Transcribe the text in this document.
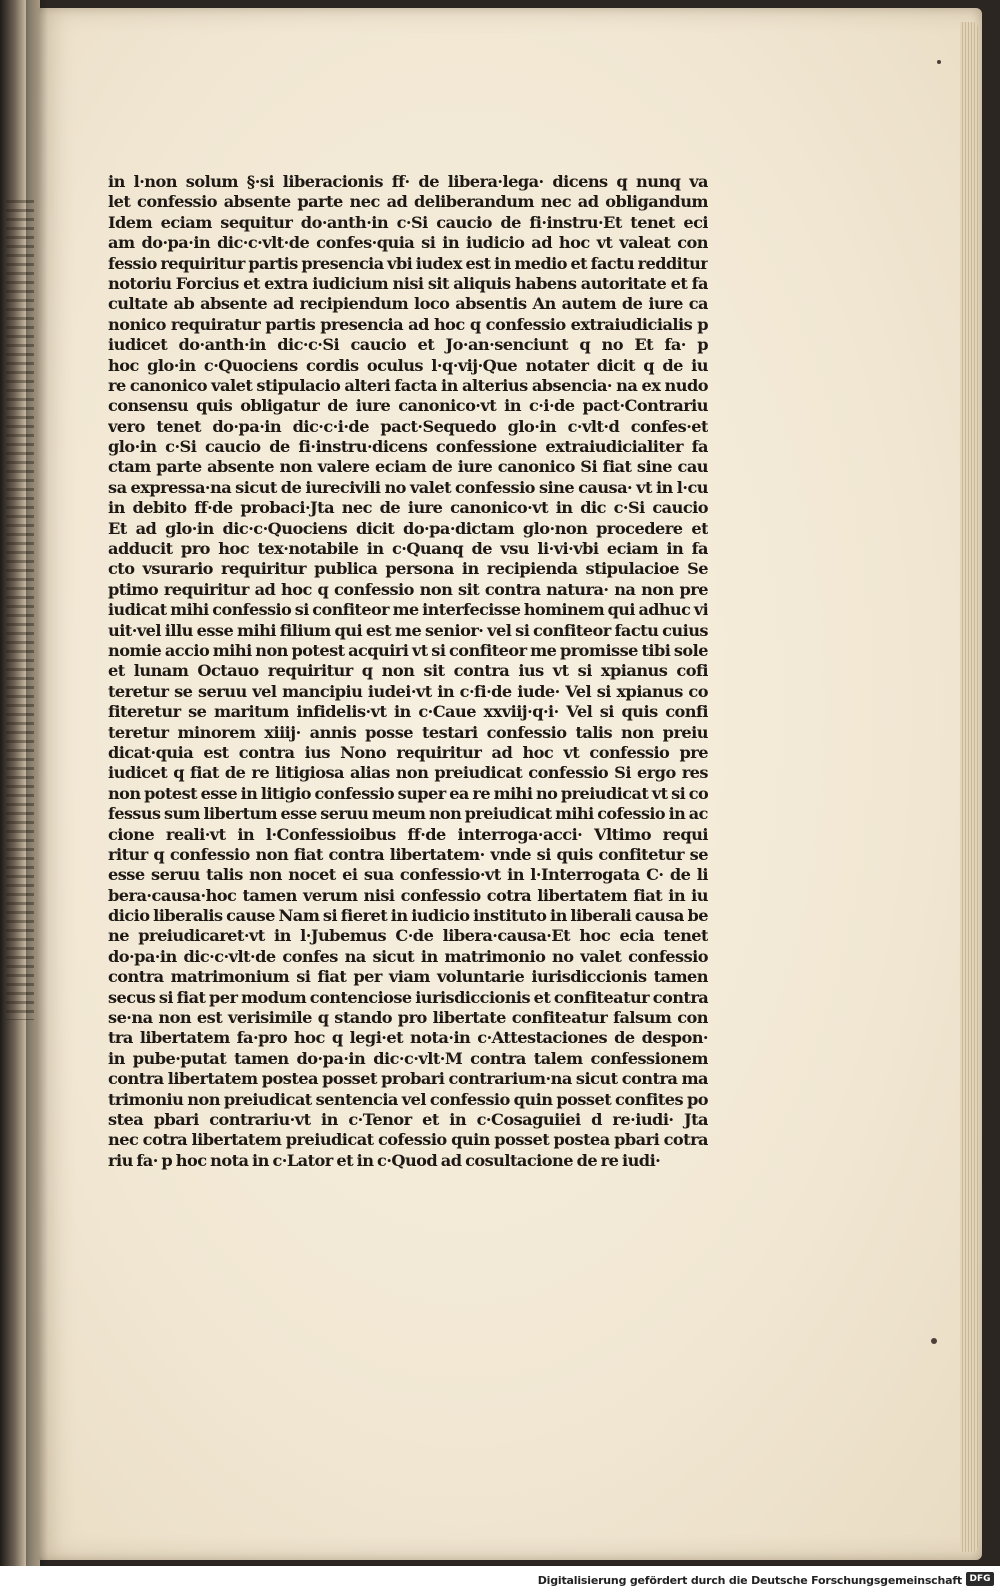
in l·non solum §·si liberacionis ff· de libera·lega· dicens q nunq va
let confessio absente parte nec ad deliberandum nec ad obligandum
Idem eciam sequitur do·anth·in c·Si caucio de fi·instru·Et tenet eci
am do·pa·in dic·c·vlt·de confes·quia si in iudicio ad hoc vt valeat con
fessio requiritur partis presencia vbi iudex est in medio et factu redditur
notoriu Forcius et extra iudicium nisi sit aliquis habens autoritate et fa
cultate ab absente ad recipiendum loco absentis An autem de iure ca
nonico requiratur partis presencia ad hoc q confessio extraiudicialis p
iudicet do·anth·in dic·c·Si caucio et Jo·an·senciunt q no Et fa· p
hoc glo·in c·Quociens cordis oculus l·q·vij·Que notater dicit q de iu
re canonico valet stipulacio alteri facta in alterius absencia· na ex nudo
consensu quis obligatur de iure canonico·vt in c·i·de pact·Contrariu
vero tenet do·pa·in dic·c·i·de pact·Sequedo glo·in c·vlt·d confes·et
glo·in c·Si caucio de fi·instru·dicens confessione extraiudicialiter fa
ctam parte absente non valere eciam de iure canonico Si fiat sine cau
sa expressa·na sicut de iurecivili no valet confessio sine causa· vt in l·cu
in debito ff·de probaci·Jta nec de iure canonico·vt in dic c·Si caucio
Et ad glo·in dic·c·Quociens dicit do·pa·dictam glo·non procedere et
adducit pro hoc tex·notabile in c·Quanq de vsu li·vi·vbi eciam in fa
cto vsurario requiritur publica persona in recipienda stipulacioe Se
ptimo requiritur ad hoc q confessio non sit contra natura· na non pre
iudicat mihi confessio si confiteor me interfecisse hominem qui adhuc vi
uit·vel illu esse mihi filium qui est me senior· vel si confiteor factu cuius
nomie accio mihi non potest acquiri vt si confiteor me promisse tibi sole
et lunam Octauo requiritur q non sit contra ius vt si xpianus cofi
teretur se seruu vel mancipiu iudei·vt in c·fi·de iude· Vel si xpianus co
fiteretur se maritum infidelis·vt in c·Caue xxviij·q·i· Vel si quis confi
teretur minorem xiiij· annis posse testari confessio talis non preiu
dicat·quia est contra ius Nono requiritur ad hoc vt confessio pre
iudicet q fiat de re litigiosa alias non preiudicat confessio Si ergo res
non potest esse in litigio confessio super ea re mihi no preiudicat vt si co
fessus sum libertum esse seruu meum non preiudicat mihi cofessio in ac
cione reali·vt in l·Confessioibus ff·de interroga·acci· Vltimo requi
ritur q confessio non fiat contra libertatem· vnde si quis confitetur se
esse seruu talis non nocet ei sua confessio·vt in l·Interrogata C· de li
bera·causa·hoc tamen verum nisi confessio cotra libertatem fiat in iu
dicio liberalis cause Nam si fieret in iudicio instituto in liberali causa be
ne preiudicaret·vt in l·Jubemus C·de libera·causa·Et hoc ecia tenet
do·pa·in dic·c·vlt·de confes na sicut in matrimonio no valet confessio
contra matrimonium si fiat per viam voluntarie iurisdiccionis tamen
secus si fiat per modum contenciose iurisdiccionis et confiteatur contra
se·na non est verisimile q stando pro libertate confiteatur falsum con
tra libertatem fa·pro hoc q legi·et nota·in c·Attestaciones de despon·
in pube·putat tamen do·pa·in dic·c·vlt·M contra talem confessionem
contra libertatem postea posset probari contrarium·na sicut contra ma
trimoniu non preiudicat sentencia vel confessio quin posset confites po
stea pbari contrariu·vt in c·Tenor et in c·Cosaguiiei d re·iudi· Jta
nec cotra libertatem preiudicat cofessio quin posset postea pbari cotra
riu fa· p hoc nota in c·Lator et in c·Quod ad cosultacione de re iudi·
Digitalisierung gefördert durch die Deutsche Forschungsgemeinschaft DFG
